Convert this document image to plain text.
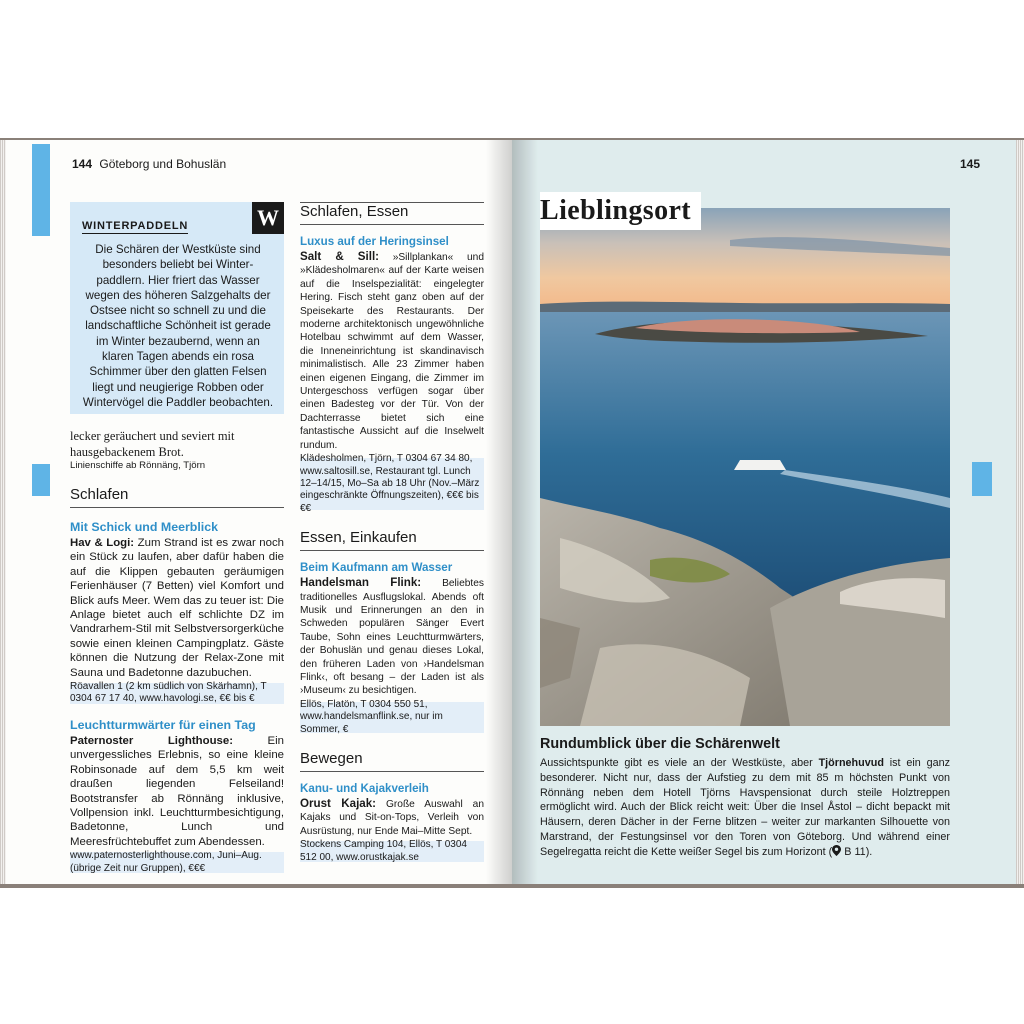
144 Göteborg und Bohuslän
W
WINTERPADDELN
Die Schären der Westküste sind besonders beliebt bei Winter-paddlern. Hier friert das Wasser wegen des höheren Salzgehalts der Ostsee nicht so schnell zu und die landschaftliche Schönheit ist gerade im Winter bezaubernd, wenn an klaren Tagen abends ein rosa Schimmer über den glatten Felsen liegt und neugierige Robben oder Wintervögel die Paddler beobachten.
lecker geräuchert und seviert mit hausgebackenem Brot.
Linienschiffe ab Rönnäng, Tjörn
Schlafen
Mit Schick und Meerblick
Hav & Logi: Zum Strand ist es zwar noch ein Stück zu laufen, aber dafür haben die auf die Klippen gebauten geräumigen Ferienhäuser (7 Betten) viel Komfort und Blick aufs Meer. Wem das zu teuer ist: Die Anlage bietet auch elf schlichte DZ im Vandrarhem-Stil mit Selbstversorgerküche sowie einen kleinen Campingplatz. Gäste können die Nutzung der Relax-Zone mit Sauna und Badetonne dazubuchen.
Röavallen 1 (2 km südlich von Skärhamn), T 0304 67 17 40, www.havologi.se, €€ bis €
Leuchtturmwärter für einen Tag
Paternoster Lighthouse: Ein unvergessliches Erlebnis, so eine kleine Robinsonade auf dem 5,5 km weit draußen liegenden Felseiland! Bootstransfer ab Rönnäng inklusive, Vollpension inkl. Leuchtturmbesichtigung, Badetonne, Lunch und Meeresfrüchtebuffet zum Abendessen.
www.paternosterlighthouse.com, Juni–Aug. (übrige Zeit nur Gruppen), €€€
Schlafen, Essen
Luxus auf der Heringsinsel
Salt & Sill: »Sillplankan« und »Klädesholmaren« auf der Karte weisen auf die Inselspezialität: eingelegter Hering. Fisch steht ganz oben auf der Speisekarte des Restaurants. Der moderne architektonisch ungewöhnliche Hotelbau schwimmt auf dem Wasser, die Inneneinrichtung ist skandinavisch minimalistisch. Alle 23 Zimmer haben einen eigenen Eingang, die Zimmer im Untergeschoss verfügen sogar über einen Badesteg vor der Tür. Von der Dachterrasse bietet sich eine fantastische Aussicht auf die Inselwelt rundum.
Klädesholmen, Tjörn, T 0304 67 34 80, www.saltosill.se, Restaurant tgl. Lunch 12–14/15, Mo–Sa ab 18 Uhr (Nov.–März eingeschränkte Öffnungszeiten), €€€ bis €€
Essen, Einkaufen
Beim Kaufmann am Wasser
Handelsman Flink: Beliebtes traditionelles Ausflugslokal. Abends oft Musik und Erinnerungen an den in Schweden populären Sänger Evert Taube, Sohn eines Leuchtturmwärters, der Bohuslän und genau dieses Lokal, den früheren Laden von ›Handelsman Flink‹, oft besang – der Laden ist als ›Museum‹ zu besichtigen.
Ellös, Flatön, T 0304 550 51, www.handelsmanflink.se, nur im Sommer, €
Bewegen
Kanu- und Kajakverleih
Orust Kajak: Große Auswahl an Kajaks und Sit-on-Tops, Verleih von Ausrüstung, nur Ende Mai–Mitte Sept.
Stockens Camping 104, Ellös, T 0304 512 00, www.orustkajak.se
145
Lieblingsort
Rundumblick über die Schärenwelt
Aussichtspunkte gibt es viele an der Westküste, aber Tjörnehuvud ist ein ganz besonderer. Nicht nur, dass der Aufstieg zu dem mit 85 m höchsten Punkt von Rönnäng neben dem Hotell Tjörns Havspensionat durch steile Holztreppen ermöglicht wird. Auch der Blick reicht weit: Über die Insel Åstol – dicht bepackt mit Häusern, deren Dächer in der Ferne blitzen – weiter zur markanten Silhouette von Marstrand, der Festungsinsel vor den Toren von Göteborg. Und während einer Segelregatta reicht die Kette weißer Segel bis zum Horizont ( B 11).
